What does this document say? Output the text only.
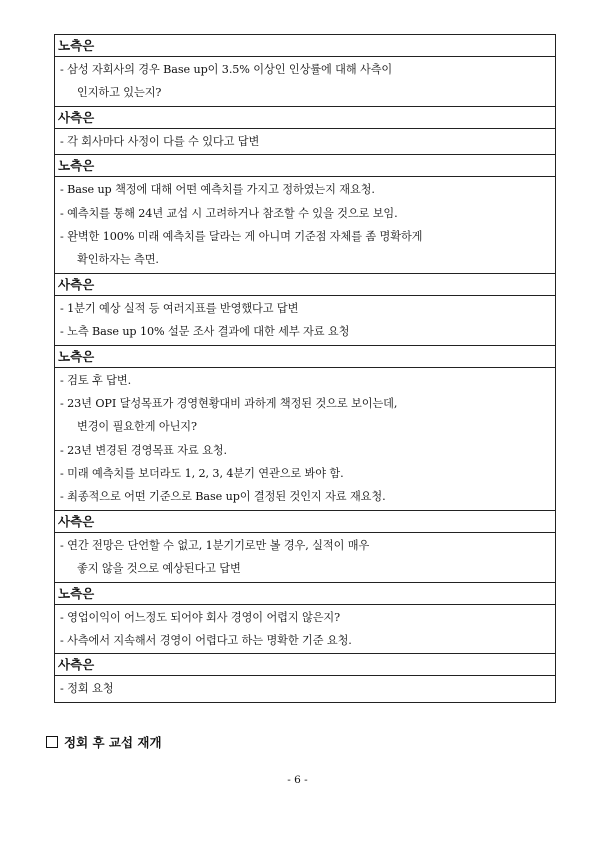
노측은
- 삼성 자회사의 경우 Base up이 3.5% 이상인 인상률에 대해 사측이
인지하고 있는지?
사측은
- 각 회사마다 사정이 다를 수 있다고 답변
노측은
- Base up 책정에 대해 어떤 예측치를 가지고 정하였는지 재요청.
- 예측치를 통해 24년 교섭 시 고려하거나 참조할 수 있을 것으로 보임.
- 완벽한 100% 미래 예측치를 달라는 게 아니며 기준점 자체를 좀 명확하게
확인하자는 측면.
사측은
- 1분기 예상 실적 등 여러지표를 반영했다고 답변
- 노측 Base up 10% 설문 조사 결과에 대한 세부 자료 요청
노측은
- 검토 후 답변.
- 23년 OPI 달성목표가 경영현황대비 과하게 책정된 것으로 보이는데,
변경이 필요한게 아닌지?
- 23년 변경된 경영목표 자료 요청.
- 미래 예측치를 보더라도 1, 2, 3, 4분기 연관으로 봐야 함.
- 최종적으로 어떤 기준으로 Base up이 결정된 것인지 자료 재요청.
사측은
- 연간 전망은 단언할 수 없고, 1분기기로만 볼 경우, 실적이 매우
좋지 않을 것으로 예상된다고 답변
노측은
- 영업이익이 어느정도 되어야 회사 경영이 어렵지 않은지?
- 사측에서 지속해서 경영이 어렵다고 하는 명확한 기준 요청.
사측은
- 정회 요청
정회 후 교섭 재개
- 6 -
